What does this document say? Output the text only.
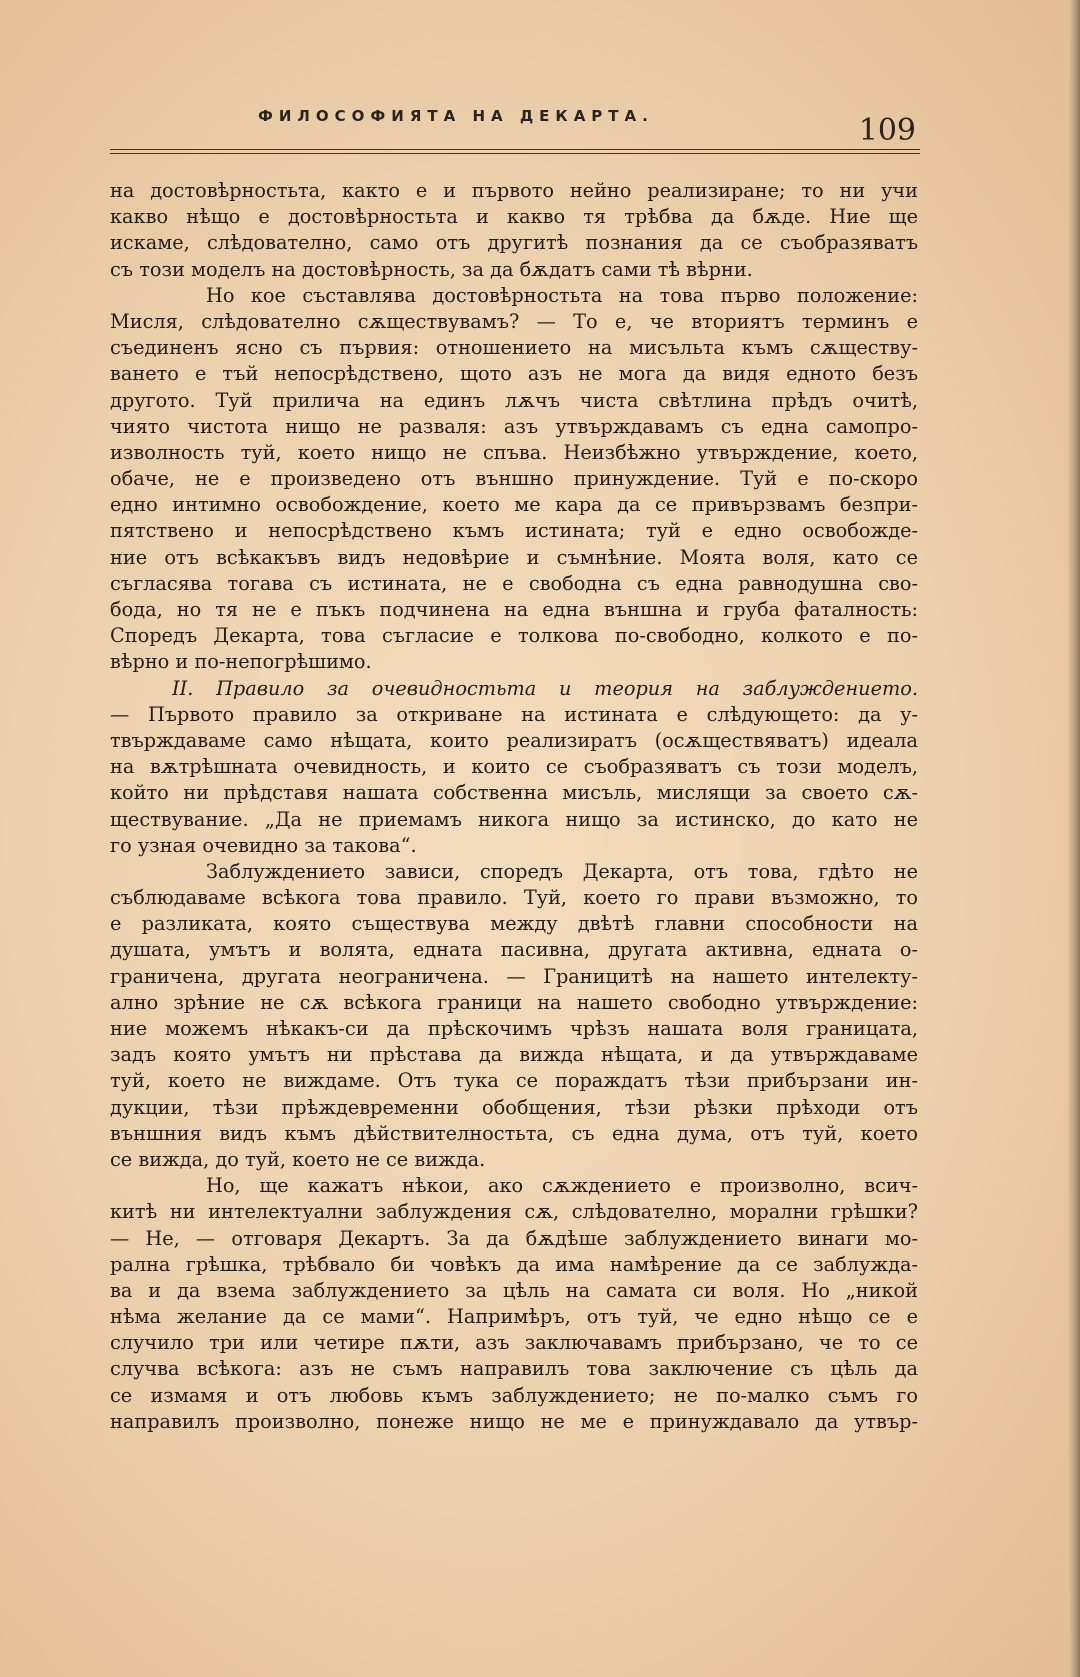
ФИЛОСОФИЯТА НА ДЕКАРТА.	109
на достовѣрностьта, както е и първото нейно реализиране; то ни учи
какво нѣщо е достовѣрностьта и какво тя трѣбва да бѫде. Ние ще
искаме, слѣдователно, само отъ другитѣ познания да се съобразяватъ
съ този моделъ на достовѣрность, за да бѫдатъ сами тѣ вѣрни.
Но кое съставлява достовѣрностьта на това първо положение:
Мисля, слѣдователно сѫществувамъ? — То е, че вториятъ терминъ е
съединенъ ясно съ първия: отношението на мисъльта къмъ сѫществу-
ването е тъй непосрѣдствено, щото азъ не мога да видя едното безъ
другото. Туй прилича на единъ лѫчъ чиста свѣтлина прѣдъ очитѣ,
чиято чистота нищо не разваля: азъ утвърждавамъ съ една самопро-
изволность туй, което нищо не спъва. Неизбѣжно утвърждение, което,
обаче, не е произведено отъ външно принуждение. Туй е по-скоро
едно интимно освобождение, което ме кара да се привързвамъ безпри-
пятствено и непосрѣдствено къмъ истината; туй е едно освобожде-
ние отъ всѣкакъвъ видъ недовѣрие и съмнѣние. Моята воля, като се
съгласява тогава съ истината, не е свободна съ една равнодушна сво-
бода, но тя не е пъкъ подчинена на една външна и груба фаталность:
Споредъ Декарта, това съгласие е толкова по-свободно, колкото е по-
вѣрно и по-непогрѣшимо.
II. Правило за очевидностьта и теория на заблуждението.
— Първото правило за откриване на истината е слѣдующето: да у-
твърждаваме само нѣщата, които реализиратъ (осѫществяватъ) идеала
на вѫтрѣшната очевидность, и които се съобразяватъ съ този моделъ,
който ни прѣдставя нашата собственна мисъль, мислящи за своето сѫ-
ществувание. „Да не приемамъ никога нищо за истинско, до като не
го узная очевидно за такова“.
Заблуждението зависи, споредъ Декарта, отъ това, гдѣто не
съблюдаваме всѣкога това правило. Туй, което го прави възможно, то
е разликата, която съществува между двѣтѣ главни способности на
душата, умътъ и волята, едната пасивна, другата активна, едната о-
граничена, другата неограничена. — Границитѣ на нашето интелекту-
ално зрѣние не сѫ всѣкога граници на нашето свободно утвърждение:
ние можемъ нѣкакъ-си да прѣскочимъ чрѣзъ нашата воля границата,
задъ която умътъ ни прѣстава да вижда нѣщата, и да утвърждаваме
туй, което не виждаме. Отъ тука се пораждатъ тѣзи прибързани ин-
дукции, тѣзи прѣждевременни обобщения, тѣзи рѣзки прѣходи отъ
външния видъ къмъ дѣйствителностьта, съ една дума, отъ туй, което
се вижда, до туй, което не се вижда.
Но, ще кажатъ нѣкои, ако сѫждението е произволно, всич-
китѣ ни интелектуални заблуждения сѫ, слѣдователно, морални грѣшки?
— Не, — отговаря Декартъ. За да бѫдѣше заблуждението винаги мо-
рална грѣшка, трѣбвало би човѣкъ да има намѣрение да се заблужда-
ва и да взема заблуждението за цѣль на самата си воля. Но „никой
нѣма желание да се мами“. Напримѣръ, отъ туй, че едно нѣщо се е
случило три или четире пѫти, азъ заключавамъ прибързано, че то се
случва всѣкога: азъ не съмъ направилъ това заключение съ цѣль да
се измамя и отъ любовь къмъ заблуждението; не по-малко съмъ го
направилъ произволно, понеже нищо не ме е принуждавало да утвър-
